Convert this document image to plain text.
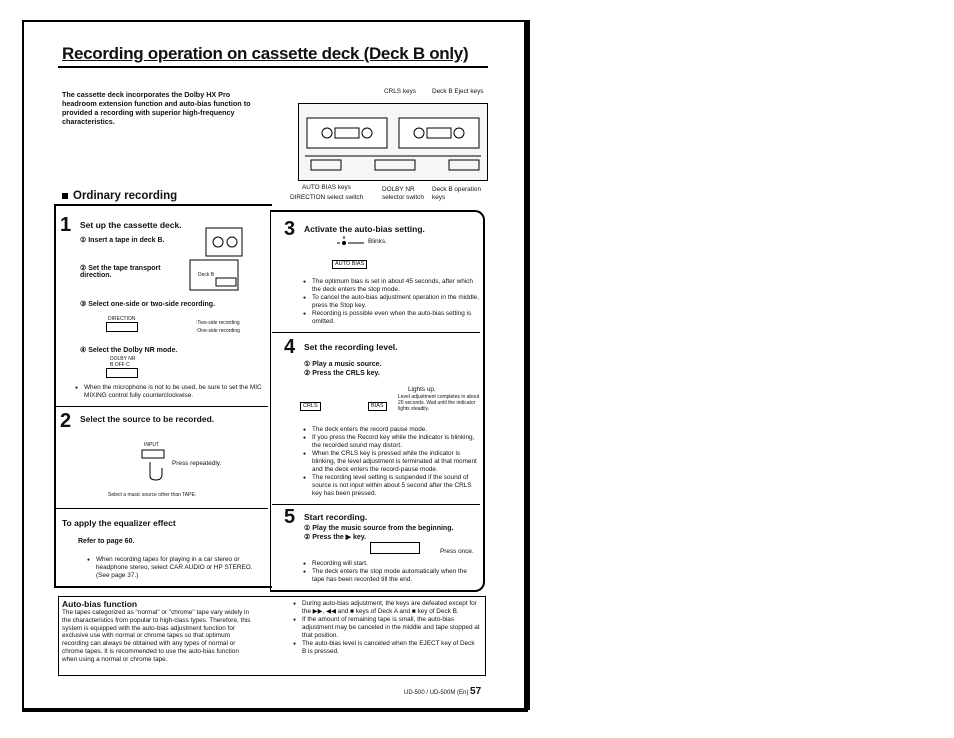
Recording operation on cassette deck (Deck B only)
The cassette deck incorporates the Dolby HX Pro headroom extension function and auto-bias function to provided a recording with superior high-frequency characteristics.
CRLS keys	Deck B Eject keys
AUTO BIAS keys
DIRECTION select switch
DOLBY NR selector switch
Deck B operation keys
Ordinary recording
1 Set up the cassette deck.
① Insert a tape in deck B.
② Set the tape transport direction.	Deck B
③ Select one-side or two-side recording.
DIRECTION
:Two-side recording
:One-side recording
④ Select the Dolby NR mode.
DOLBY NR
B OFF C
● When the microphone is not to be used, be sure to set the MIC MIXING control fully counterclockwise.
2 Select the source to be recorded.
INPUT
Press repeatedly.
Select a music source other than TAPE.
To apply the equalizer effect
Refer to page 60.
● When recording tapes for playing in a car stereo or headphone stereo, select CAR AUDIO or HP STEREO. (See page 37.)
3 Activate the auto-bias setting.
Blinks.
AUTO BIAS
● The optimum bias is set in about 45 seconds, after which the deck enters the stop mode.
● To cancel the auto-bias adjustment operation in the middle, press the Stop key.
● Recording is possible even when the auto-bias setting is omitted.
4 Set the recording level.
① Play a music source.
② Press the CRLS key.
Lights up.
CRLS	BIAS
Level adjustment completes in about 20 seconds. Wait until the indicator lights steadily.
● The deck enters the record pause mode.
● If you press the Record key while the indicator is blinking, the recorded sound may distort.
● When the CRLS key is pressed while the indicator is blinking, the level adjustment is terminated at that moment and the deck enters the record-pause mode.
● The recording level setting is suspended if the sound of source is not input within about 5 second after the CRLS key has been pressed.
5 Start recording.
① Play the music source from the beginning.
② Press the ▶ key.
Press once.
● Recording will start.
● The deck enters the stop mode automatically when the tape has been recorded till the end.
Auto-bias function
The tapes categorized as "normal" or "chrome" tape vary widely in the characteristics from popular to high-class types. Therefore, this system is equipped with the auto-bias adjustment function for exclusive use with normal or chrome tapes so that optimum recording can always be obtained with any types of normal or chrome tapes. It is recommended to use the auto-bias function when using a normal or chrome tape.
● During auto-bias adjustment, the keys are defeated except for the ▶▶, ◀◀ and ■ keys of Deck A and ■ key of Deck B.
● If the amount of remaining tape is small, the auto-bias adjustment may be canceled in the middle and tape stopped at that position.
● The auto-bias level is canceled when the EJECT key of Deck B is pressed.
UD-500 / UD-500M (En) 57
